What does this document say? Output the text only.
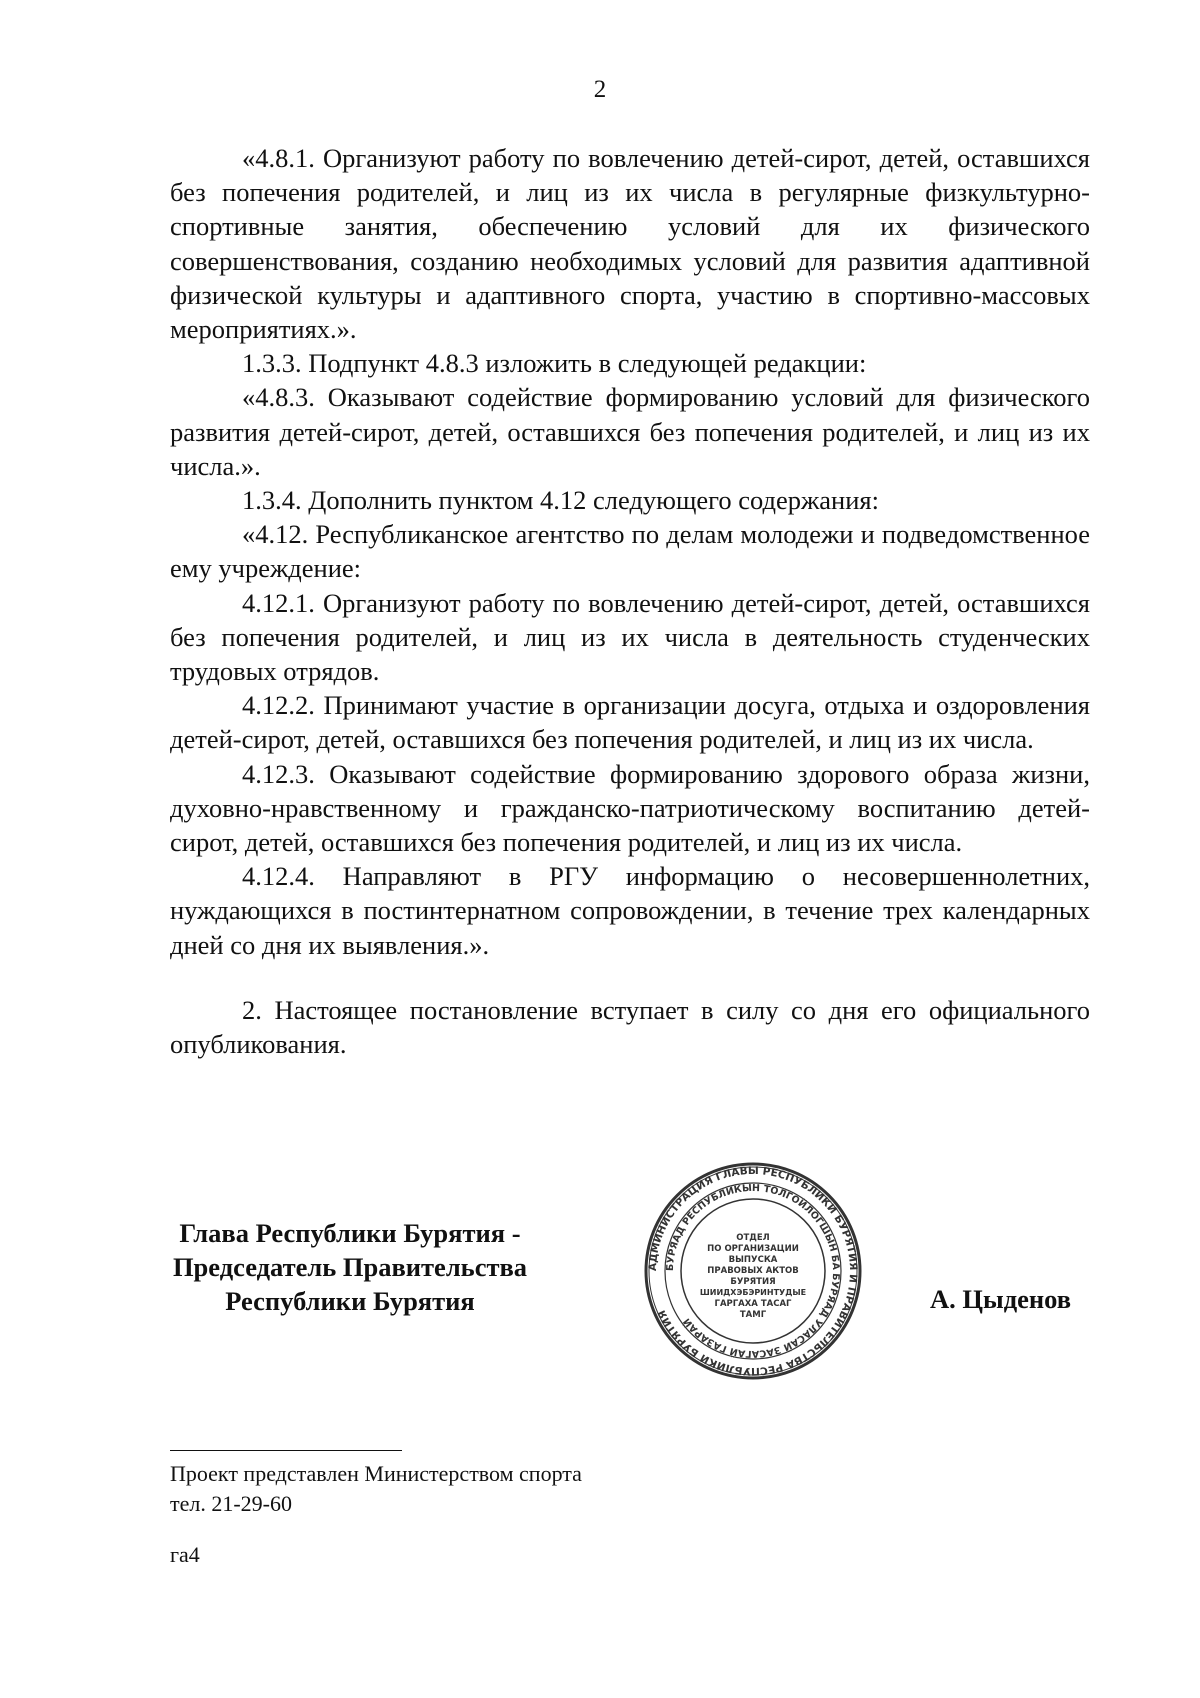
2

«4.8.1. Организуют работу по вовлечению детей-сирот, детей, оставшихся без попечения родителей, и лиц из их числа в регулярные физкультурно-спортивные занятия, обеспечению условий для их физического совершенствования, созданию необходимых условий для развития адаптивной физической культуры и адаптивного спорта, участию в спортивно-массовых мероприятиях.».

1.3.3. Подпункт 4.8.3 изложить в следующей редакции:

«4.8.3. Оказывают содействие формированию условий для физического развития детей-сирот, детей, оставшихся без попечения родителей, и лиц из их числа.».

1.3.4. Дополнить пунктом 4.12 следующего содержания:

«4.12. Республиканское агентство по делам молодежи и подведомственное ему учреждение:

4.12.1. Организуют работу по вовлечению детей-сирот, детей, оставшихся без попечения родителей, и лиц из их числа в деятельность студенческих трудовых отрядов.

4.12.2. Принимают участие в организации досуга, отдыха и оздоровления детей-сирот, детей, оставшихся без попечения родителей, и лиц из их числа.

4.12.3. Оказывают содействие формированию здорового образа жизни, духовно-нравственному и гражданско-патриотическому воспитанию детей-сирот, детей, оставшихся без попечения родителей, и лиц из их числа.

4.12.4. Направляют в РГУ информацию о несовершеннолетних, нуждающихся в постинтернатном сопровождении, в течение трех календарных дней со дня их выявления.».

2. Настоящее постановление вступает в силу со дня его официального опубликования.

Глава Республики Бурятия -
Председатель Правительства
Республики Бурятия
АДМИНИСТРАЦИЯ ГЛАВЫ РЕСПУБЛИКИ БУРЯТИЯ И ПРАВИТЕЛЬСТВА РЕСПУБЛИКИ БУРЯТИЯ
БУРЯАД РЕСПУБЛИКЫН ТОЛГОЙЛОГШЫН БА БУРЯАД УЛАСАЙ ЗАСАГАЙ ГАЗАРАЙ
ОТДЕЛ
ПО ОРГАНИЗАЦИИ
ВЫПУСКА
ПРАВОВЫХ АКТОВ
БУРЯТИЯ
ШИИДХЭБЭРИНТУДЫЕ
ГАРГАХА ТАСАГ
ТАМГ
А. Цыденов

Проект представлен Министерством спорта

тел. 21-29-60

га4
